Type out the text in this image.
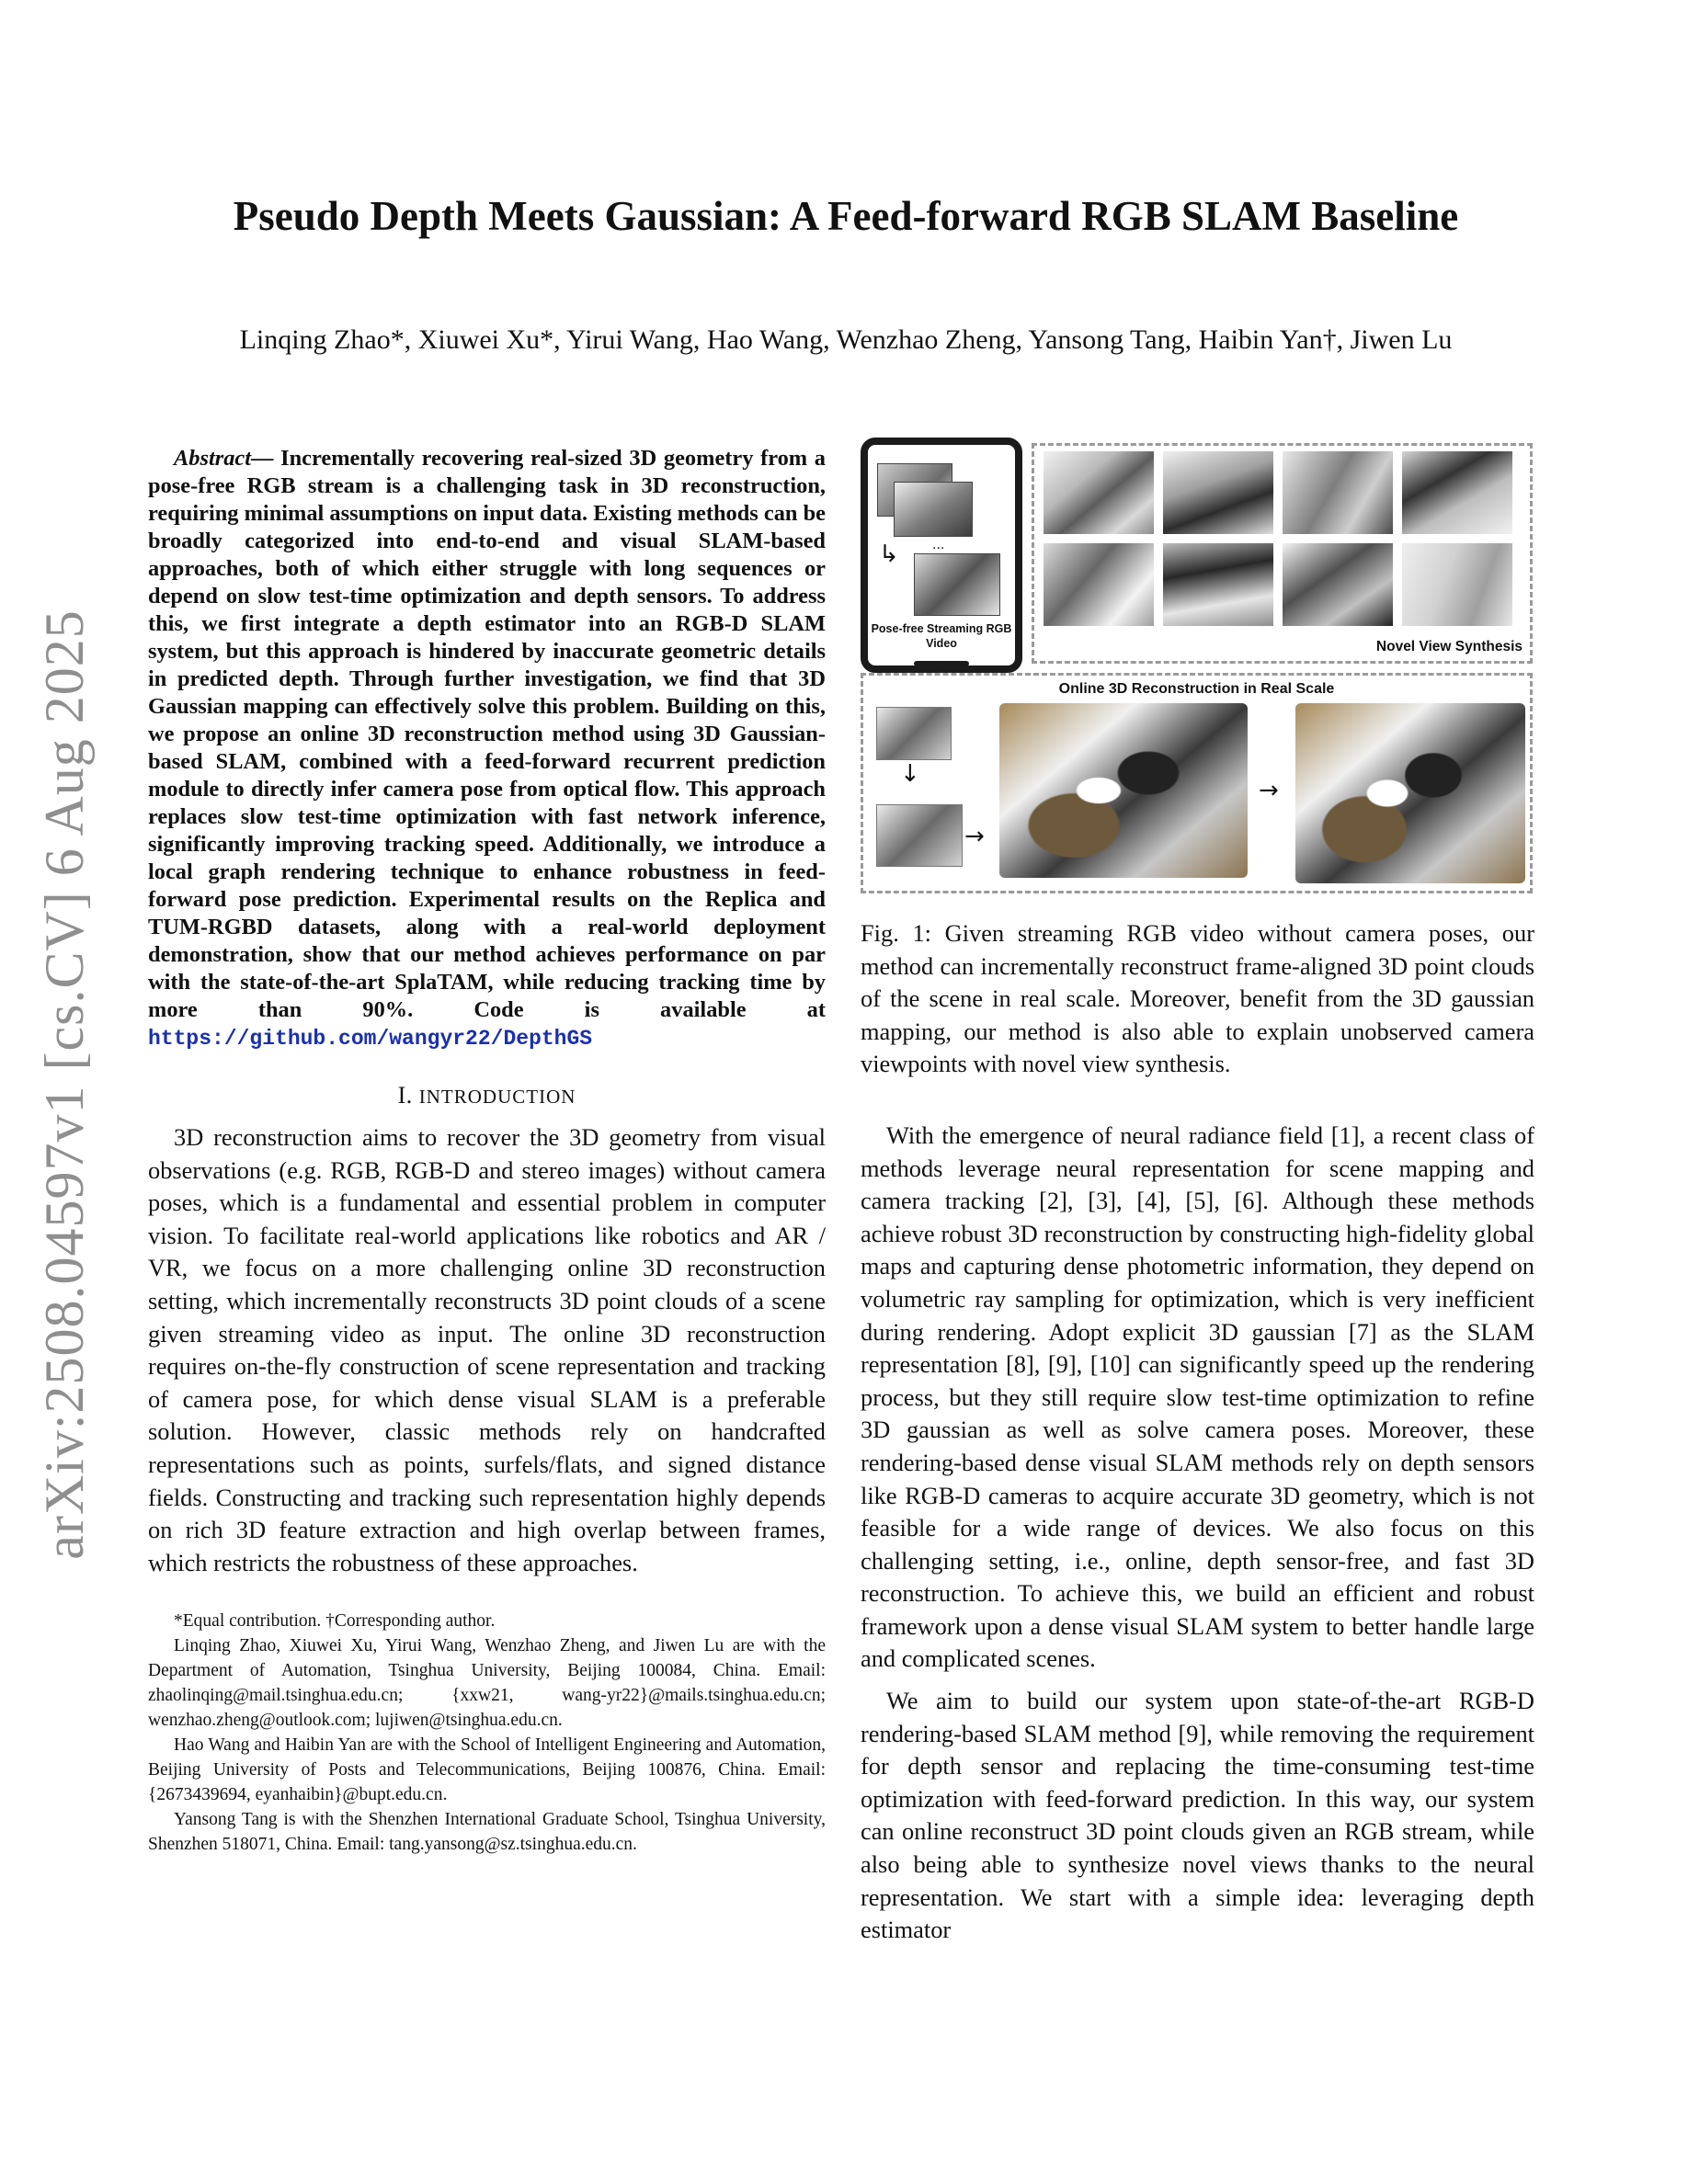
arXiv:2508.04597v1 [cs.CV] 6 Aug 2025
Pseudo Depth Meets Gaussian: A Feed-forward RGB SLAM Baseline
Linqing Zhao*, Xiuwei Xu*, Yirui Wang, Hao Wang, Wenzhao Zheng, Yansong Tang, Haibin Yan†, Jiwen Lu

Abstract— Incrementally recovering real-sized 3D geometry from a pose-free RGB stream is a challenging task in 3D reconstruction, requiring minimal assumptions on input data. Existing methods can be broadly categorized into end-to-end and visual SLAM-based approaches, both of which either struggle with long sequences or depend on slow test-time optimization and depth sensors. To address this, we first integrate a depth estimator into an RGB-D SLAM system, but this approach is hindered by inaccurate geometric details in predicted depth. Through further investigation, we find that 3D Gaussian mapping can effectively solve this problem. Building on this, we propose an online 3D reconstruction method using 3D Gaussian-based SLAM, combined with a feed-forward recurrent prediction module to directly infer camera pose from optical flow. This approach replaces slow test-time optimization with fast network inference, significantly improving tracking speed. Additionally, we introduce a local graph rendering technique to enhance robustness in feed-forward pose prediction. Experimental results on the Replica and TUM-RGBD datasets, along with a real-world deployment demonstration, show that our method achieves performance on par with the state-of-the-art SplaTAM, while reducing tracking time by more than 90%. Code is available at https://github.com/wangyr22/DepthGS

I. INTRODUCTION

3D reconstruction aims to recover the 3D geometry from visual observations (e.g. RGB, RGB-D and stereo images) without camera poses, which is a fundamental and essential problem in computer vision. To facilitate real-world applications like robotics and AR / VR, we focus on a more challenging online 3D reconstruction setting, which incrementally reconstructs 3D point clouds of a scene given streaming video as input. The online 3D reconstruction requires on-the-fly construction of scene representation and tracking of camera pose, for which dense visual SLAM is a preferable solution. However, classic methods rely on handcrafted representations such as points, surfels/flats, and signed distance fields. Constructing and tracking such representation highly depends on rich 3D feature extraction and high overlap between frames, which restricts the robustness of these approaches.

*Equal contribution. †Corresponding author.

Linqing Zhao, Xiuwei Xu, Yirui Wang, Wenzhao Zheng, and Jiwen Lu are with the Department of Automation, Tsinghua University, Beijing 100084, China. Email: zhaolinqing@mail.tsinghua.edu.cn; {xxw21, wang-yr22}@mails.tsinghua.edu.cn; wenzhao.zheng@outlook.com; lujiwen@tsinghua.edu.cn.

Hao Wang and Haibin Yan are with the School of Intelligent Engineering and Automation, Beijing University of Posts and Telecommunications, Beijing 100876, China. Email: {2673439694, eyanhaibin}@bupt.edu.cn.

Yansong Tang is with the Shenzhen International Graduate School, Tsinghua University, Shenzhen 518071, China. Email: tang.yansong@sz.tsinghua.edu.cn.

...
↳
Pose-free Streaming RGB Video	Novel View Synthesis
Online 3D Reconstruction in Real Scale
↓
→
→

Fig. 1: Given streaming RGB video without camera poses, our method can incrementally reconstruct frame-aligned 3D point clouds of the scene in real scale. Moreover, benefit from the 3D gaussian mapping, our method is also able to explain unobserved camera viewpoints with novel view synthesis.

With the emergence of neural radiance field [1], a recent class of methods leverage neural representation for scene mapping and camera tracking [2], [3], [4], [5], [6]. Although these methods achieve robust 3D reconstruction by constructing high-fidelity global maps and capturing dense photometric information, they depend on volumetric ray sampling for optimization, which is very inefficient during rendering. Adopt explicit 3D gaussian [7] as the SLAM representation [8], [9], [10] can significantly speed up the rendering process, but they still require slow test-time optimization to refine 3D gaussian as well as solve camera poses. Moreover, these rendering-based dense visual SLAM methods rely on depth sensors like RGB-D cameras to acquire accurate 3D geometry, which is not feasible for a wide range of devices. We also focus on this challenging setting, i.e., online, depth sensor-free, and fast 3D reconstruction. To achieve this, we build an efficient and robust framework upon a dense visual SLAM system to better handle large and complicated scenes.

We aim to build our system upon state-of-the-art RGB-D rendering-based SLAM method [9], while removing the requirement for depth sensor and replacing the time-consuming test-time optimization with feed-forward prediction. In this way, our system can online reconstruct 3D point clouds given an RGB stream, while also being able to synthesize novel views thanks to the neural representation. We start with a simple idea: leveraging depth estimator
